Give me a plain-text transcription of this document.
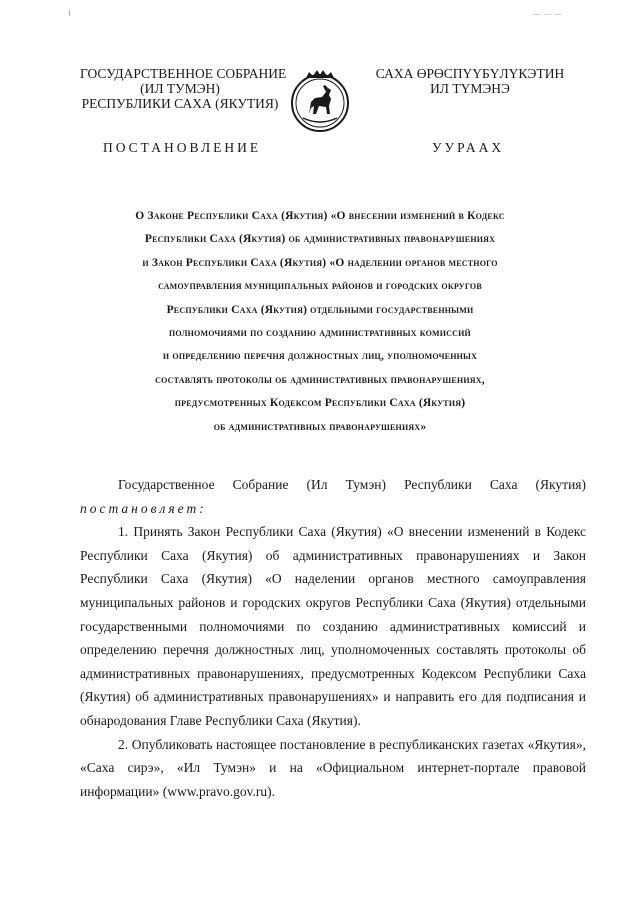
— — —
ГОСУДАРСТВЕННОЕ СОБРАНИЕ
(ИЛ ТУМЭН)
РЕСПУБЛИКИ САХА (ЯКУТИЯ)
САХА ӨРӨСПҮҮБҮЛҮКЭТИН
ИЛ ТҮМЭНЭ
ПОСТАНОВЛЕНИЕ	УУРААХ
О Законе Республики Саха (Якутия) «О внесении изменений в Кодекс
Республики Саха (Якутия) об административных правонарушениях
и Закон Республики Саха (Якутия) «О наделении органов местного
самоуправления муниципальных районов и городских округов
Республики Саха (Якутия) отдельными государственными
полномочиями по созданию административных комиссий
и определению перечня должностных лиц, уполномоченных
составлять протоколы об административных правонарушениях,
предусмотренных Кодексом Республики Саха (Якутия)
об административных правонарушениях»

Государственное Собрание (Ил Тумэн) Республики Саха (Якутия)

постановляет:

1. Принять Закон Республики Саха (Якутия) «О внесении изменений в Кодекс Республики Саха (Якутия) об административных правонарушениях и Закон Республики Саха (Якутия) «О наделении органов местного самоуправления муниципальных районов и городских округов Республики Саха (Якутия) отдельными государственными полномочиями по созданию административных комиссий и определению перечня должностных лиц, уполномоченных составлять протоколы об административных правонарушениях, предусмотренных Кодексом Республики Саха (Якутия) об административных правонарушениях» и направить его для подписания и обнародования Главе Республики Саха (Якутия).

2. Опубликовать настоящее постановление в республиканских газетах «Якутия», «Саха сирэ», «Ил Тумэн» и на «Официальном интернет-портале правовой информации» (www.pravo.gov.ru).
